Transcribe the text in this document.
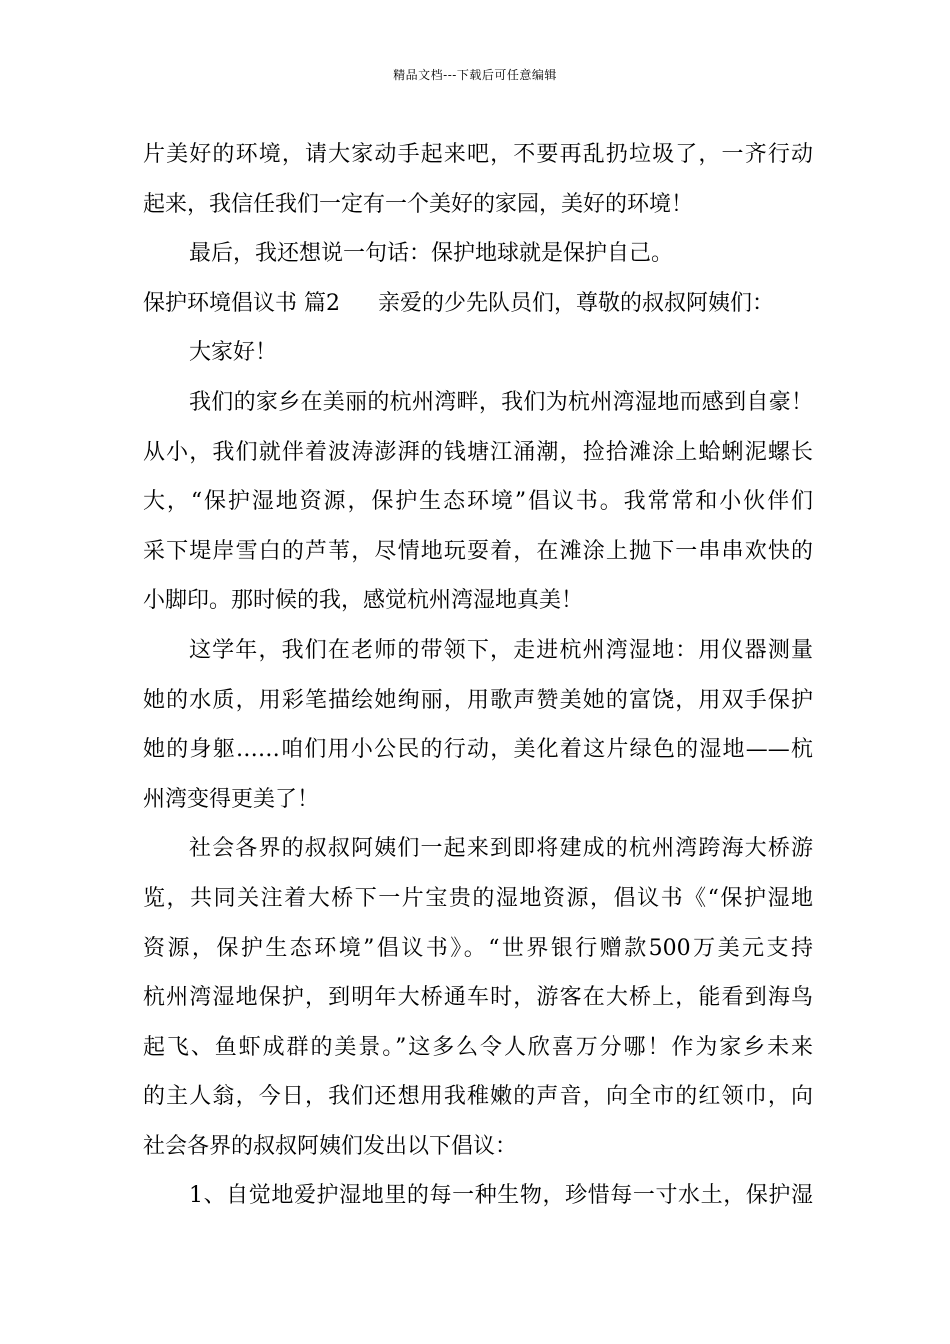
精品文档---下载后可任意编辑
片美好的环境，请大家动手起来吧，不要再乱扔垃圾了，一齐行动
起来，我信任我们一定有一个美好的家园，美好的环境！
最后，我还想说一句话：保护地球就是保护自己。
保护环境倡议书 篇2 亲爱的少先队员们，尊敬的叔叔阿姨们：
大家好！
我们的家乡在美丽的杭州湾畔，我们为杭州湾湿地而感到自豪！
从小，我们就伴着波涛澎湃的钱塘江涌潮，捡拾滩涂上蛤蜊泥螺长
大，“保护湿地资源，保护生态环境”倡议书。我常常和小伙伴们
采下堤岸雪白的芦苇，尽情地玩耍着，在滩涂上抛下一串串欢快的
小脚印。那时候的我，感觉杭州湾湿地真美！
这学年，我们在老师的带领下，走进杭州湾湿地：用仪器测量
她的水质，用彩笔描绘她绚丽，用歌声赞美她的富饶，用双手保护
她的身躯……咱们用小公民的行动，美化着这片绿色的湿地——杭
州湾变得更美了！
社会各界的叔叔阿姨们一起来到即将建成的杭州湾跨海大桥游
览，共同关注着大桥下一片宝贵的湿地资源，倡议书《“保护湿地
资源，保护生态环境”倡议书》。“世界银行赠款500万美元支持
杭州湾湿地保护，到明年大桥通车时，游客在大桥上，能看到海鸟
起飞、鱼虾成群的美景。”这多么令人欣喜万分哪！作为家乡未来
的主人翁，今日，我们还想用我稚嫩的声音，向全市的红领巾，向
社会各界的叔叔阿姨们发出以下倡议：
1、自觉地爱护湿地里的每一种生物，珍惜每一寸水土，保护湿
